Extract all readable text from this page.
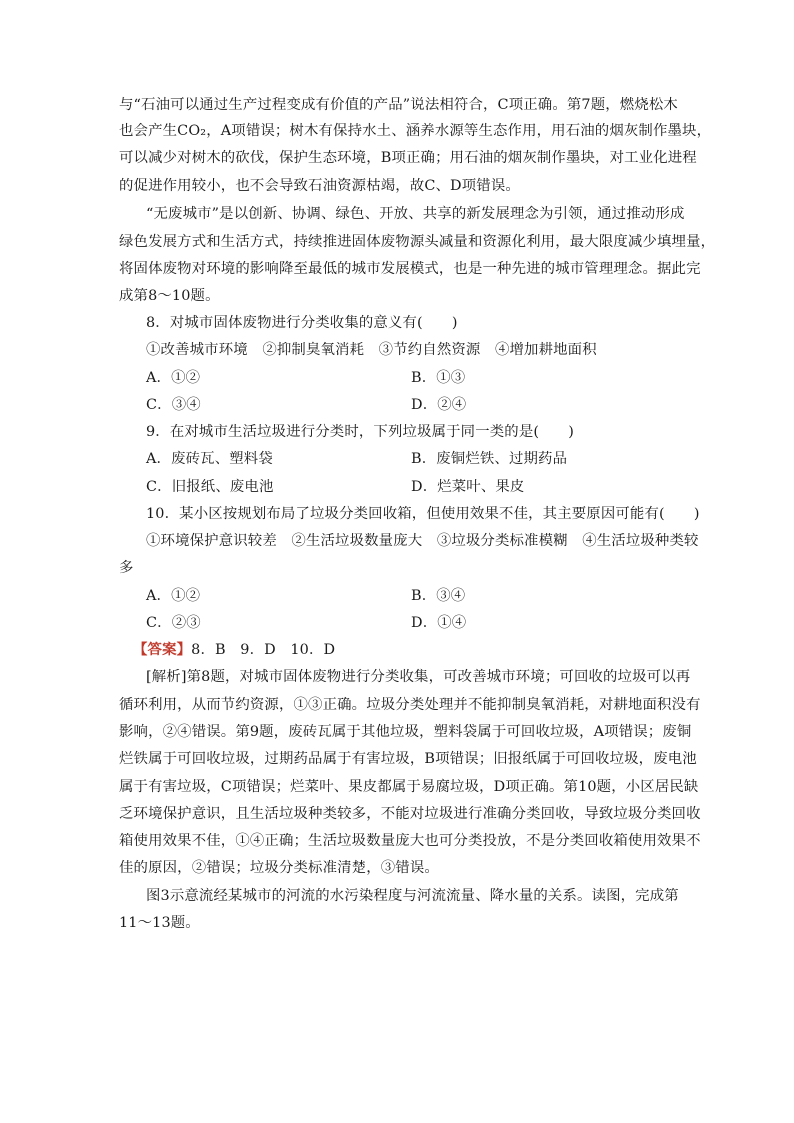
与“石油可以通过生产过程变成有价值的产品”说法相符合，C项正确。第7题，燃烧松木
也会产生CO₂，A项错误；树木有保持水土、涵养水源等生态作用，用石油的烟灰制作墨块，
可以减少对树木的砍伐，保护生态环境，B项正确；用石油的烟灰制作墨块，对工业化进程
的促进作用较小，也不会导致石油资源枯竭，故C、D项错误。
“无废城市”是以创新、协调、绿色、开放、共享的新发展理念为引领，通过推动形成
绿色发展方式和生活方式，持续推进固体废物源头减量和资源化利用，最大限度减少填埋量，
将固体废物对环境的影响降至最低的城市发展模式，也是一种先进的城市管理理念。据此完
成第8～10题。
8．对城市固体废物进行分类收集的意义有(　　)
①改善城市环境　②抑制臭氧消耗　③节约自然资源　④增加耕地面积
A．①②	B．①③
C．③④	D．②④
9．在对城市生活垃圾进行分类时，下列垃圾属于同一类的是(　　)
A．废砖瓦、塑料袋	B．废铜烂铁、过期药品
C．旧报纸、废电池	D．烂菜叶、果皮
10．某小区按规划布局了垃圾分类回收箱，但使用效果不佳，其主要原因可能有(　　)
①环境保护意识较差　②生活垃圾数量庞大　③垃圾分类标准模糊　④生活垃圾种类较
多
A．①②	B．③④
C．②③	D．①④
【答案】8．B　9．D　10．D
[解析]第8题，对城市固体废物进行分类收集，可改善城市环境；可回收的垃圾可以再
循环利用，从而节约资源，①③正确。垃圾分类处理并不能抑制臭氧消耗，对耕地面积没有
影响，②④错误。第9题，废砖瓦属于其他垃圾，塑料袋属于可回收垃圾，A项错误；废铜
烂铁属于可回收垃圾，过期药品属于有害垃圾，B项错误；旧报纸属于可回收垃圾，废电池
属于有害垃圾，C项错误；烂菜叶、果皮都属于易腐垃圾，D项正确。第10题，小区居民缺
乏环境保护意识，且生活垃圾种类较多，不能对垃圾进行准确分类回收，导致垃圾分类回收
箱使用效果不佳，①④正确；生活垃圾数量庞大也可分类投放，不是分类回收箱使用效果不
佳的原因，②错误；垃圾分类标准清楚，③错误。
图3示意流经某城市的河流的水污染程度与河流流量、降水量的关系。读图，完成第
11～13题。
